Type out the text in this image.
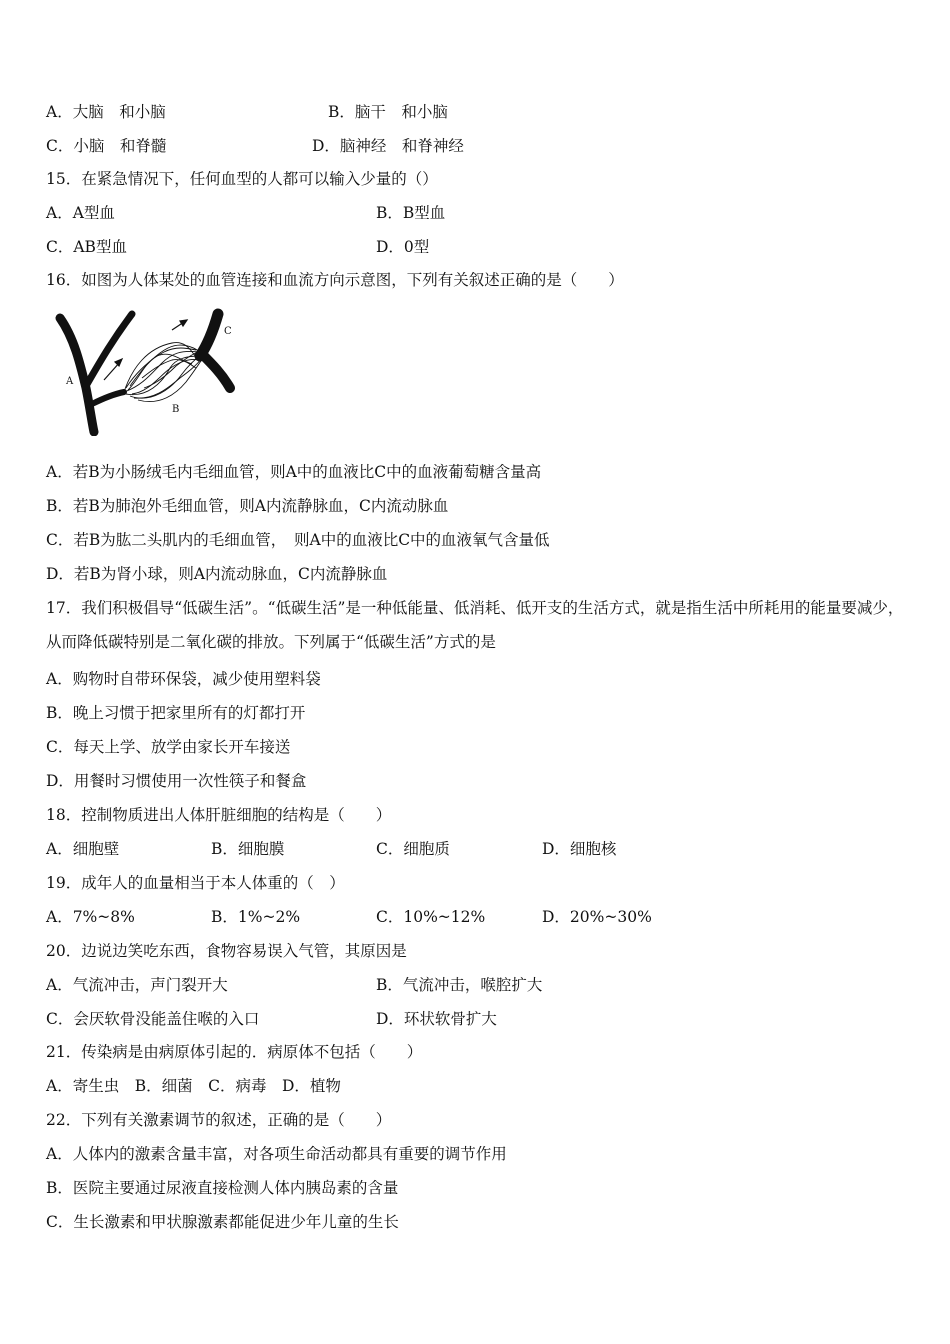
A．大脑　和小脑	B．脑干　和小脑
C．小脑　和脊髓	D．脑神经　和脊神经
15．在紧急情况下，任何血型的人都可以输入少量的（）
A．A型血	B．B型血
C．AB型血	D．0型
16．如图为人体某处的血管连接和血流方向示意图，下列有关叙述正确的是（　　）
A
B
C
A．若B为小肠绒毛内毛细血管，则A中的血液比C中的血液葡萄糖含量高
B．若B为肺泡外毛细血管，则A内流静脉血，C内流动脉血
C．若B为肱二头肌内的毛细血管，　则A中的血液比C中的血液氧气含量低
D．若B为肾小球，则A内流动脉血，C内流静脉血
17．我们积极倡导“低碳生活”。“低碳生活”是一种低能量、低消耗、低开支的生活方式，就是指生活中所耗用的能量要减少，从而降低碳特别是二氧化碳的排放。下列属于“低碳生活”方式的是
A．购物时自带环保袋，减少使用塑料袋
B．晚上习惯于把家里所有的灯都打开
C．每天上学、放学由家长开车接送
D．用餐时习惯使用一次性筷子和餐盒
18．控制物质进出人体肝脏细胞的结构是（　　）
A．细胞壁	B．细胞膜	C．细胞质	D．细胞核
19．成年人的血量相当于本人体重的（　）
A．7%~8%	B．1%~2%	C．10%~12%	D．20%~30%
20．边说边笑吃东西，食物容易误入气管，其原因是
A．气流冲击，声门裂开大	B．气流冲击，喉腔扩大
C．会厌软骨没能盖住喉的入口	D．环状软骨扩大
21．传染病是由病原体引起的．病原体不包括（　　）
A．寄生虫　B．细菌　C．病毒　D．植物
22．下列有关激素调节的叙述，正确的是（　　）
A．人体内的激素含量丰富，对各项生命活动都具有重要的调节作用
B．医院主要通过尿液直接检测人体内胰岛素的含量
C．生长激素和甲状腺激素都能促进少年儿童的生长
